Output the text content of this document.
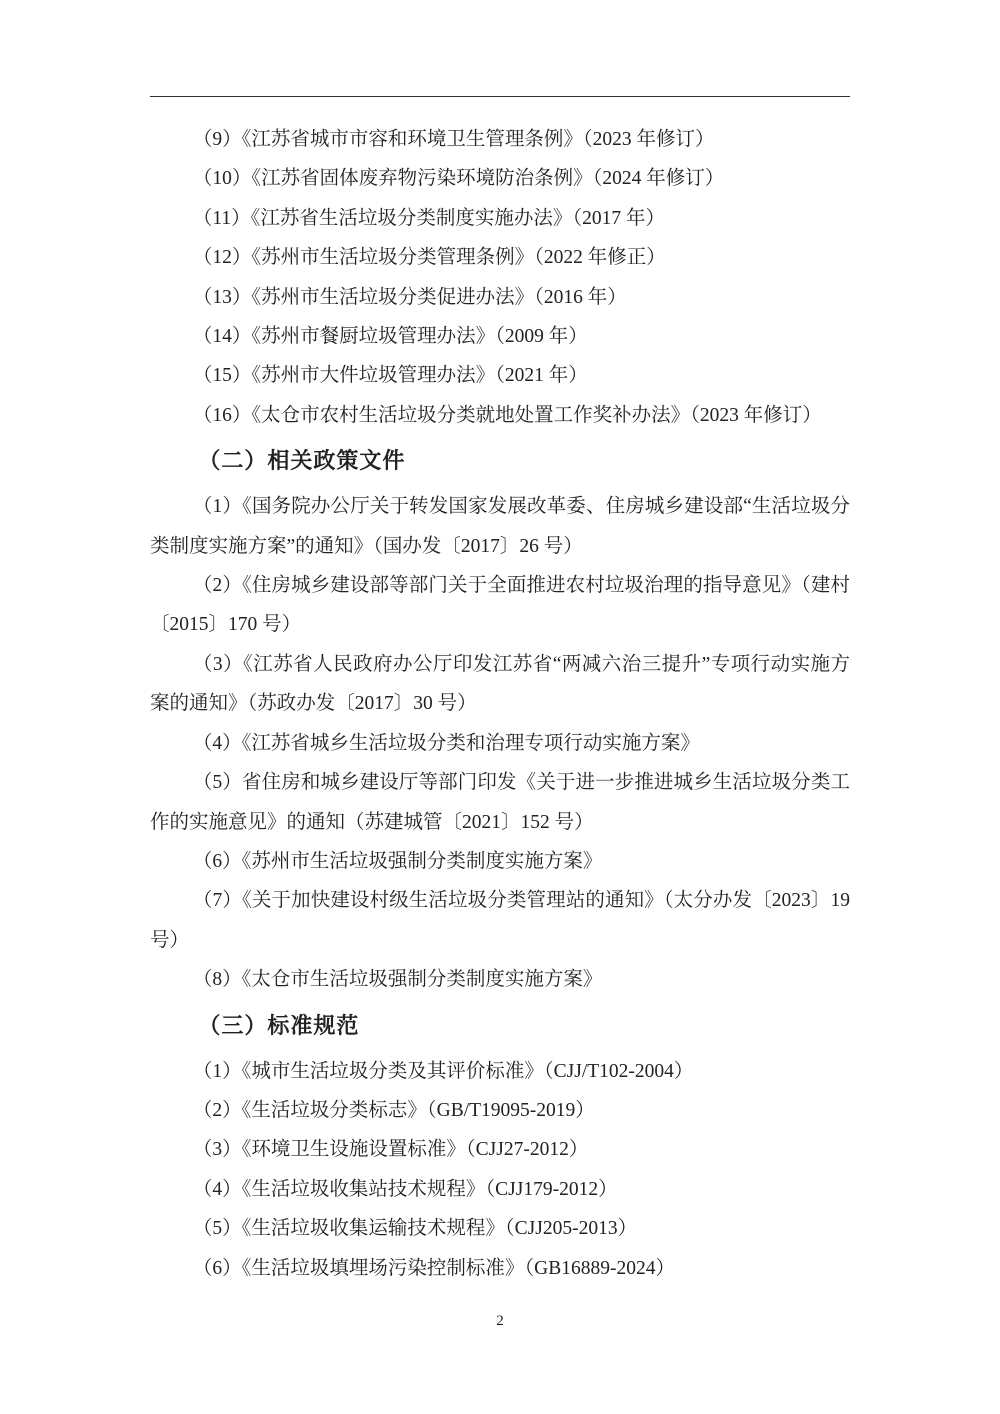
（9）《江苏省城市市容和环境卫生管理条例》（2023 年修订）

（10）《江苏省固体废弃物污染环境防治条例》（2024 年修订）

（11）《江苏省生活垃圾分类制度实施办法》（2017 年）

（12）《苏州市生活垃圾分类管理条例》（2022 年修正）

（13）《苏州市生活垃圾分类促进办法》（2016 年）

（14）《苏州市餐厨垃圾管理办法》（2009 年）

（15）《苏州市大件垃圾管理办法》（2021 年）

（16）《太仓市农村生活垃圾分类就地处置工作奖补办法》（2023 年修订）

（二）相关政策文件

（1）《国务院办公厅关于转发国家发展改革委、住房城乡建设部“生活垃圾分类制度实施方案”的通知》（国办发〔2017〕26 号）

（2）《住房城乡建设部等部门关于全面推进农村垃圾治理的指导意见》（建村〔2015〕170 号）

（3）《江苏省人民政府办公厅印发江苏省“两减六治三提升”专项行动实施方案的通知》（苏政办发〔2017〕30 号）

（4）《江苏省城乡生活垃圾分类和治理专项行动实施方案》

（5）省住房和城乡建设厅等部门印发《关于进一步推进城乡生活垃圾分类工作的实施意见》的通知（苏建城管〔2021〕152 号）

（6）《苏州市生活垃圾强制分类制度实施方案》

（7）《关于加快建设村级生活垃圾分类管理站的通知》（太分办发〔2023〕19 号）

（8）《太仓市生活垃圾强制分类制度实施方案》

（三）标准规范

（1）《城市生活垃圾分类及其评价标准》（CJJ/T102-2004）

（2）《生活垃圾分类标志》（GB/T19095-2019）

（3）《环境卫生设施设置标准》（CJJ27-2012）

（4）《生活垃圾收集站技术规程》（CJJ179-2012）

（5）《生活垃圾收集运输技术规程》（CJJ205-2013）

（6）《生活垃圾填埋场污染控制标准》（GB16889-2024）

2
